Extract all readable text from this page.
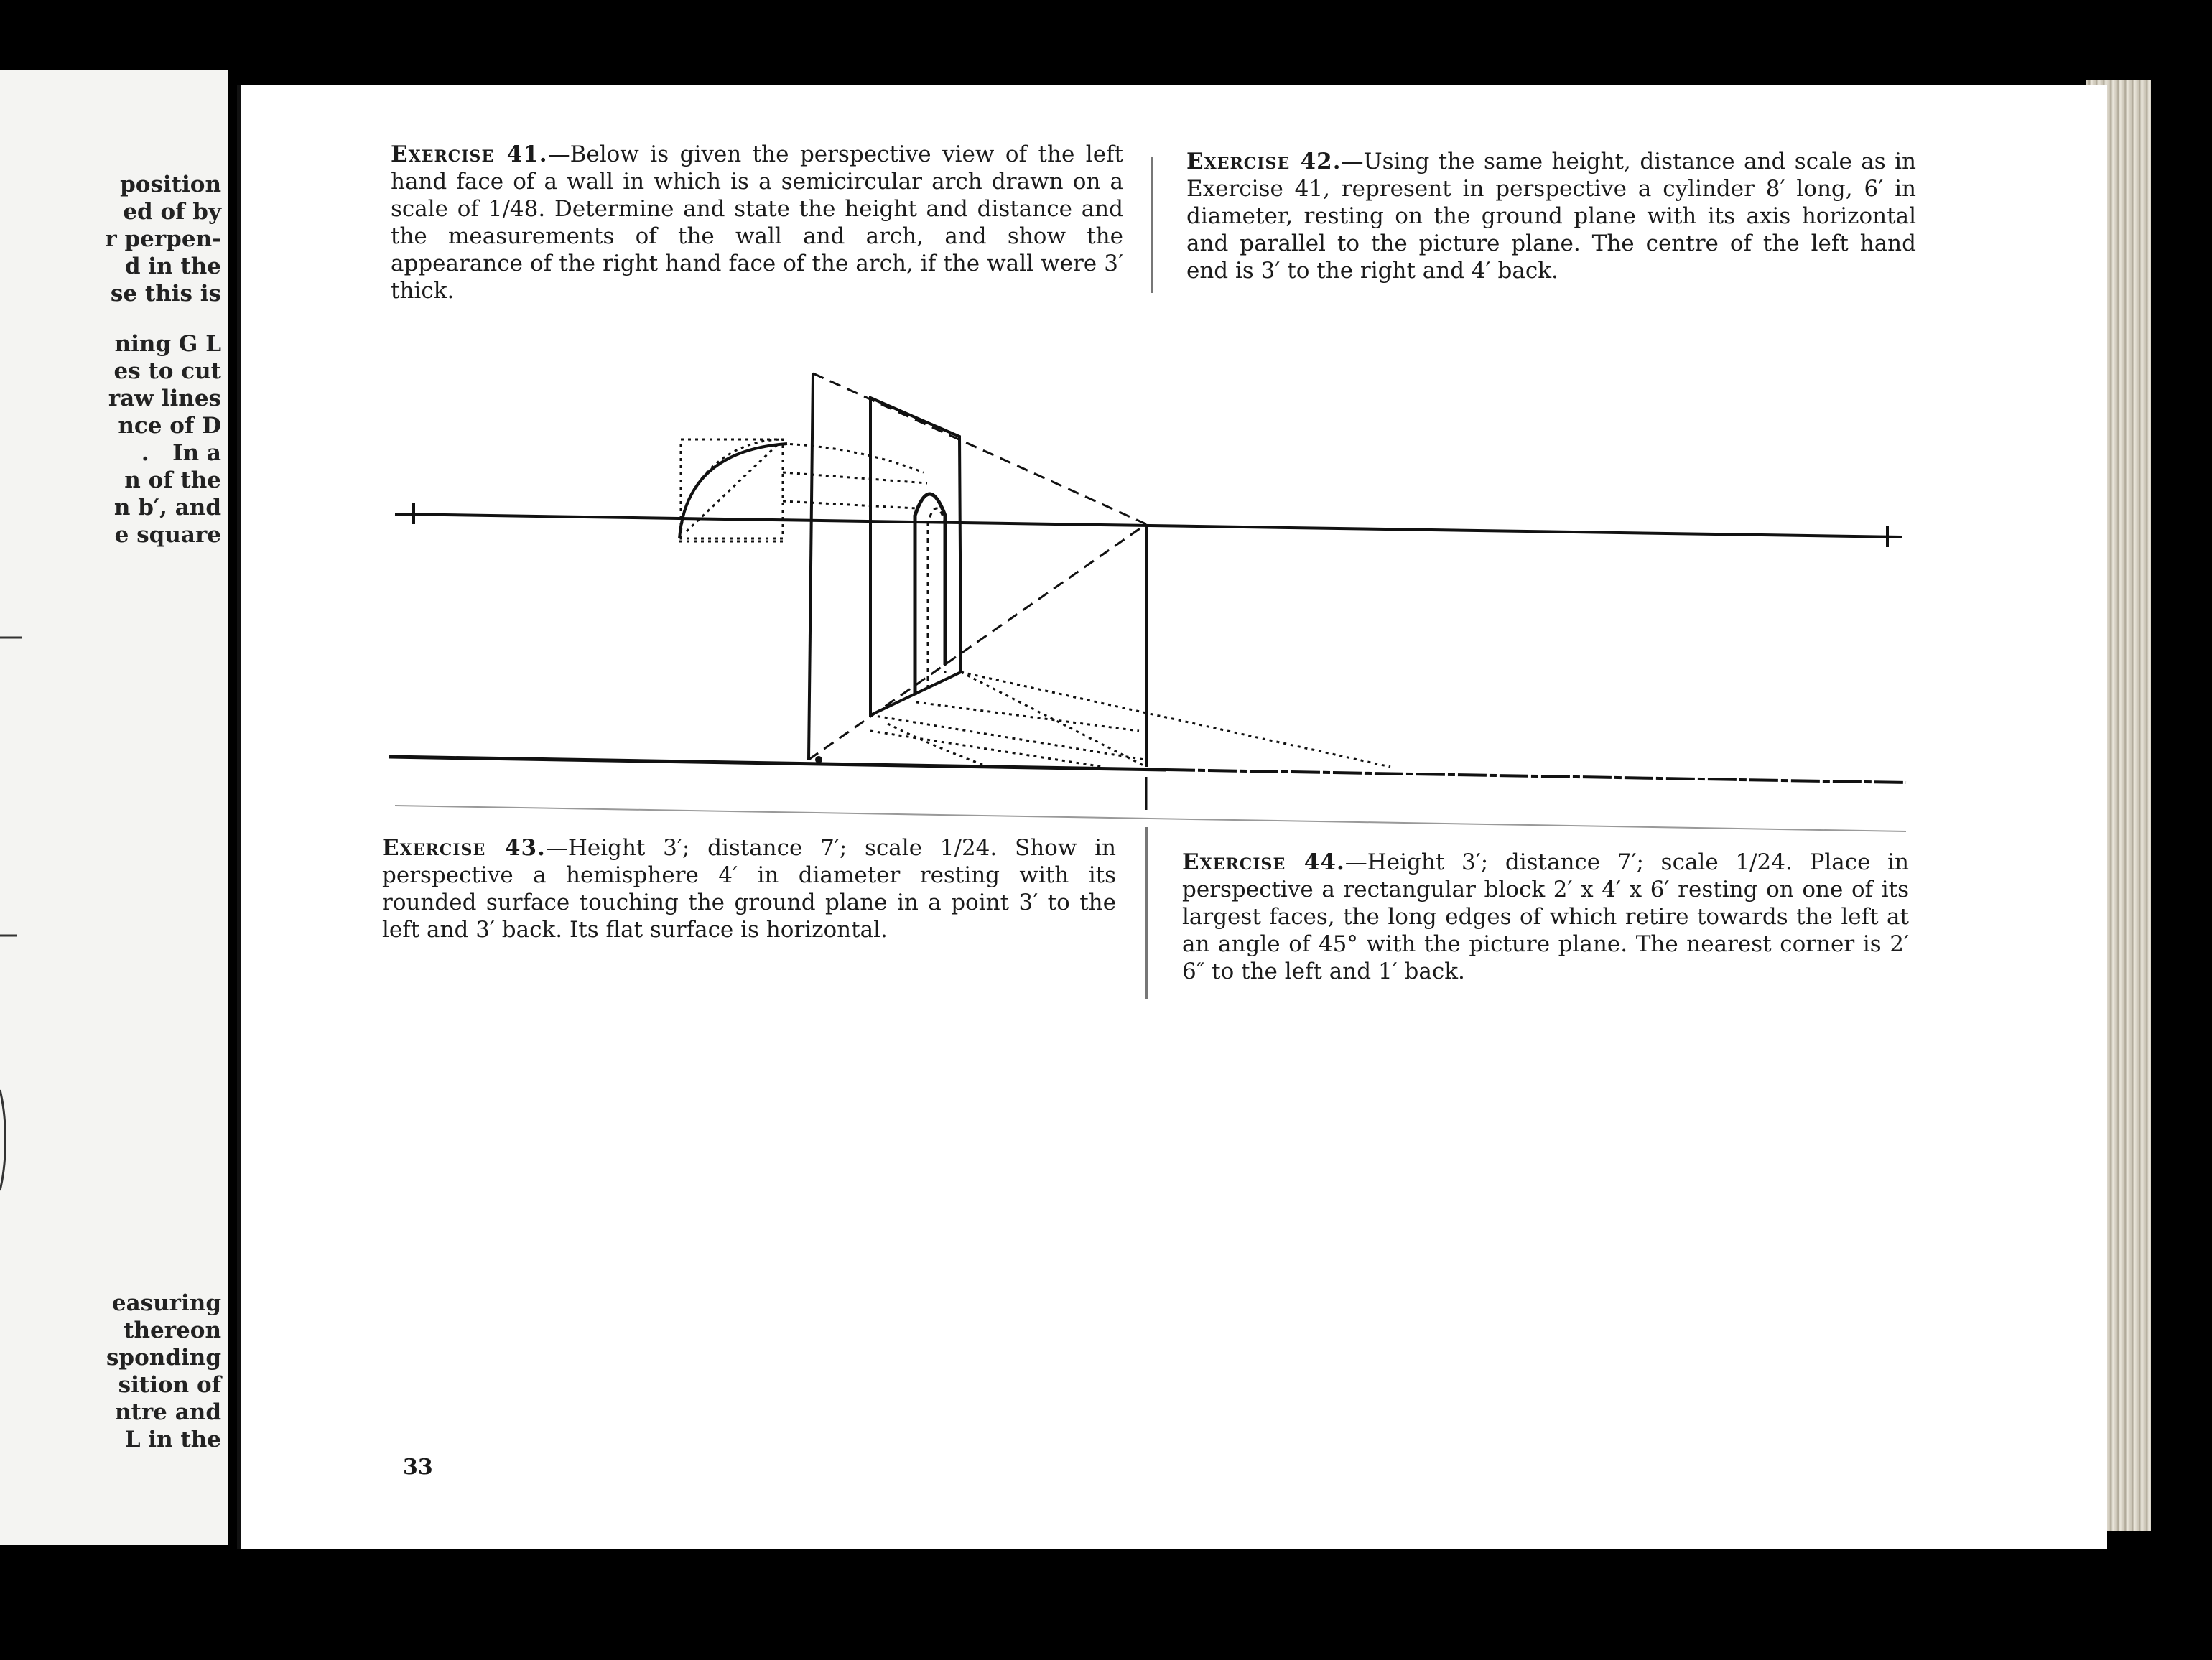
position

ed of by

r perpen-

d in the

se this is

ning G L

es to cut

raw lines

nce of D

.   In a

n of the

n b′, and

e square

easuring

thereon

sponding

sition of

ntre and

L in the

Exercise 41.—Below is given the perspective view of the left hand face of a wall in which is a semicircular arch drawn on a scale of 1/48. Determine and state the height and distance and the measurements of the wall and arch, and show the appearance of the right hand face of the arch, if the wall were 3′ thick.

Exercise 42.—Using the same height, distance and scale as in Exercise 41, represent in perspective a cylinder 8′ long, 6′ in diameter, resting on the ground plane with its axis horizontal and parallel to the picture plane. The centre of the left hand end is 3′ to the right and 4′ back.

Exercise 43.—Height 3′; distance 7′; scale 1/24. Show in perspective a hemisphere 4′ in diameter resting with its rounded surface touching the ground plane in a point 3′ to the left and 3′ back. Its flat surface is horizontal.

Exercise 44.—Height 3′; distance 7′; scale 1/24. Place in perspective a rectangular block 2′ x 4′ x 6′ resting on one of its largest faces, the long edges of which retire towards the left at an angle of 45° with the picture plane. The nearest corner is 2′ 6″ to the left and 1′ back.

33
